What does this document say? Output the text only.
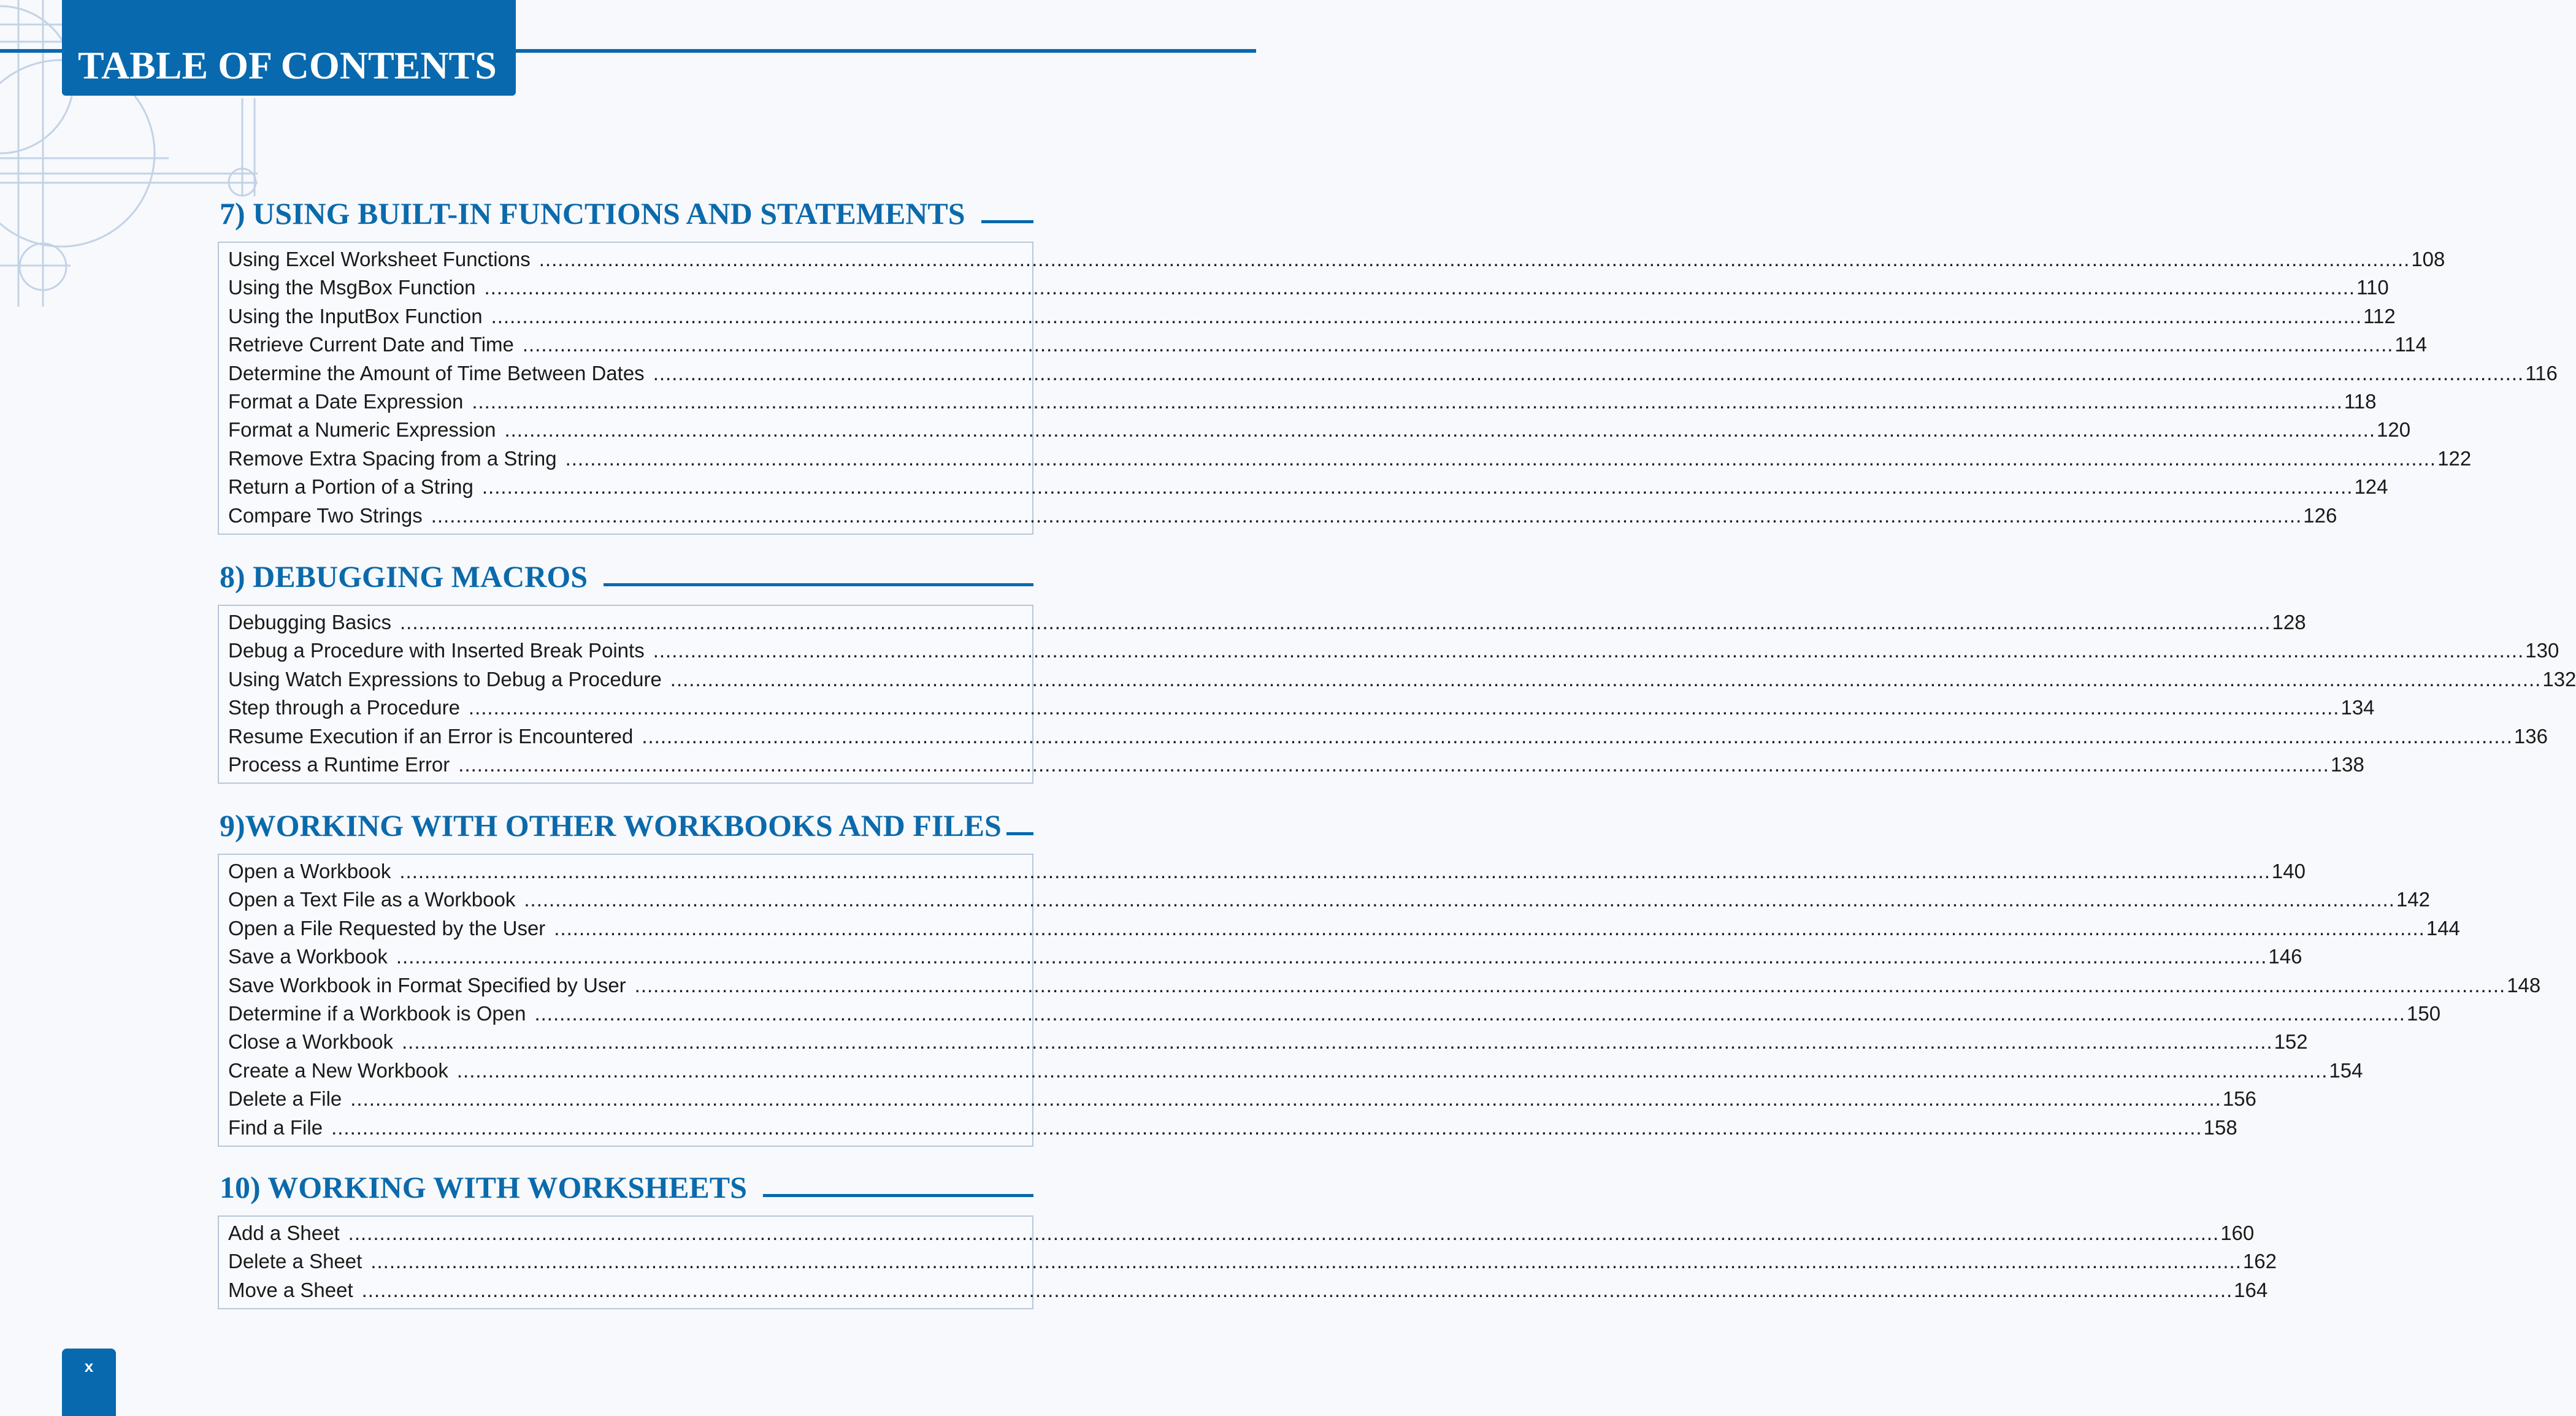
TABLE OF CONTENTS
7) USING BUILT-IN FUNCTIONS AND STATEMENTS
Using Excel Worksheet Functions ............................................................................................................................................................................................................................................................................................................ 108
Using the MsgBox Function ............................................................................................................................................................................................................................................................................................................ 110
Using the InputBox Function ............................................................................................................................................................................................................................................................................................................ 112
Retrieve Current Date and Time ............................................................................................................................................................................................................................................................................................................ 114
Determine the Amount of Time Between Dates ............................................................................................................................................................................................................................................................................................................ 116
Format a Date Expression ............................................................................................................................................................................................................................................................................................................ 118
Format a Numeric Expression ............................................................................................................................................................................................................................................................................................................ 120
Remove Extra Spacing from a String ............................................................................................................................................................................................................................................................................................................ 122
Return a Portion of a String ............................................................................................................................................................................................................................................................................................................ 124
Compare Two Strings ............................................................................................................................................................................................................................................................................................................ 126
8) DEBUGGING MACROS
Debugging Basics ............................................................................................................................................................................................................................................................................................................ 128
Debug a Procedure with Inserted Break Points ............................................................................................................................................................................................................................................................................................................ 130
Using Watch Expressions to Debug a Procedure ............................................................................................................................................................................................................................................................................................................ 132
Step through a Procedure ............................................................................................................................................................................................................................................................................................................ 134
Resume Execution if an Error is Encountered ............................................................................................................................................................................................................................................................................................................ 136
Process a Runtime Error ............................................................................................................................................................................................................................................................................................................ 138
9)WORKING WITH OTHER WORKBOOKS AND FILES
Open a Workbook ............................................................................................................................................................................................................................................................................................................ 140
Open a Text File as a Workbook ............................................................................................................................................................................................................................................................................................................ 142
Open a File Requested by the User ............................................................................................................................................................................................................................................................................................................ 144
Save a Workbook ............................................................................................................................................................................................................................................................................................................ 146
Save Workbook in Format Specified by User ............................................................................................................................................................................................................................................................................................................ 148
Determine if a Workbook is Open ............................................................................................................................................................................................................................................................................................................ 150
Close a Workbook ............................................................................................................................................................................................................................................................................................................ 152
Create a New Workbook ............................................................................................................................................................................................................................................................................................................ 154
Delete a File ............................................................................................................................................................................................................................................................................................................ 156
Find a File ............................................................................................................................................................................................................................................................................................................ 158
10) WORKING WITH WORKSHEETS
Add a Sheet ............................................................................................................................................................................................................................................................................................................ 160
Delete a Sheet ............................................................................................................................................................................................................................................................................................................ 162
Move a Sheet ............................................................................................................................................................................................................................................................................................................ 164
x
